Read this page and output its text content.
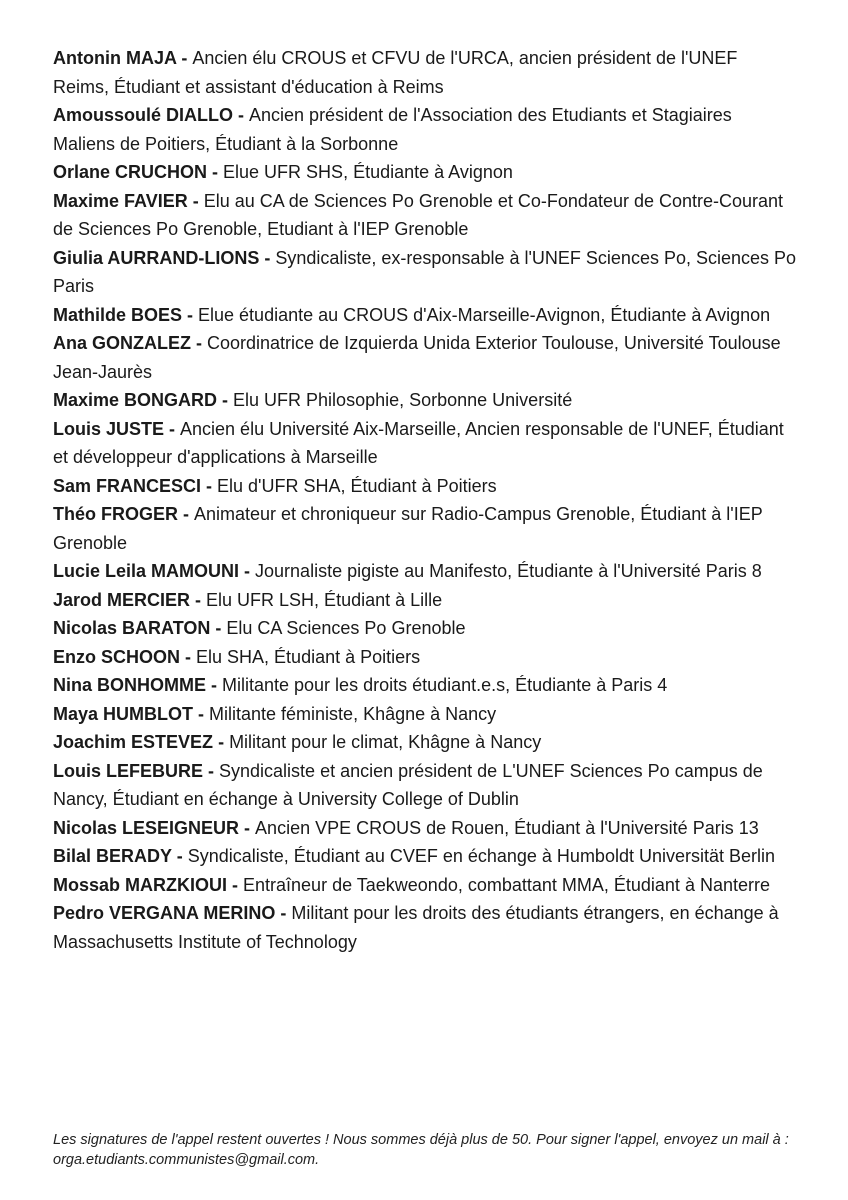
Antonin MAJA - Ancien élu CROUS et CFVU de l'URCA, ancien président de l'UNEF Reims, Étudiant et assistant d'éducation à Reims
Amoussoulé DIALLO - Ancien président de l'Association des Etudiants et Stagiaires Maliens de Poitiers, Étudiant à la Sorbonne
Orlane CRUCHON - Elue UFR SHS, Étudiante à Avignon
Maxime FAVIER - Elu au CA de Sciences Po Grenoble et Co-Fondateur de Contre-Courant de Sciences Po Grenoble, Etudiant à l'IEP Grenoble
Giulia AURRAND-LIONS - Syndicaliste, ex-responsable à l'UNEF Sciences Po, Sciences Po Paris
Mathilde BOES - Elue étudiante au CROUS d'Aix-Marseille-Avignon, Étudiante à Avignon
Ana GONZALEZ - Coordinatrice de Izquierda Unida Exterior Toulouse, Université Toulouse Jean-Jaurès
Maxime BONGARD - Elu UFR Philosophie, Sorbonne Université
Louis JUSTE - Ancien élu Université Aix-Marseille, Ancien responsable de l'UNEF, Étudiant et développeur d'applications à Marseille
Sam FRANCESCI - Elu d'UFR SHA, Étudiant à Poitiers
Théo FROGER - Animateur et chroniqueur sur Radio-Campus Grenoble, Étudiant à l'IEP Grenoble
Lucie Leila MAMOUNI - Journaliste pigiste au Manifesto, Étudiante à l'Université Paris 8
Jarod MERCIER - Elu UFR LSH, Étudiant à Lille
Nicolas BARATON - Elu CA Sciences Po Grenoble
Enzo SCHOON - Elu SHA, Étudiant à Poitiers
Nina BONHOMME - Militante pour les droits étudiant.e.s, Étudiante à Paris 4
Maya HUMBLOT - Militante féministe, Khâgne à Nancy
Joachim ESTEVEZ - Militant pour le climat, Khâgne à Nancy
Louis LEFEBURE - Syndicaliste et ancien président de L'UNEF Sciences Po campus de Nancy, Étudiant en échange à University College of Dublin
Nicolas LESEIGNEUR - Ancien VPE CROUS de Rouen, Étudiant à l'Université Paris 13
Bilal BERADY - Syndicaliste, Étudiant au CVEF en échange à Humboldt Universität Berlin
Mossab MARZKIOUI - Entraîneur de Taekweondo, combattant MMA, Étudiant à Nanterre
Pedro VERGANA MERINO - Militant pour les droits des étudiants étrangers, en échange à Massachusetts Institute of Technology

Les signatures de l'appel restent ouvertes ! Nous sommes déjà plus de 50. Pour signer l'appel, envoyez un mail à : orga.etudiants.communistes@gmail.com.
